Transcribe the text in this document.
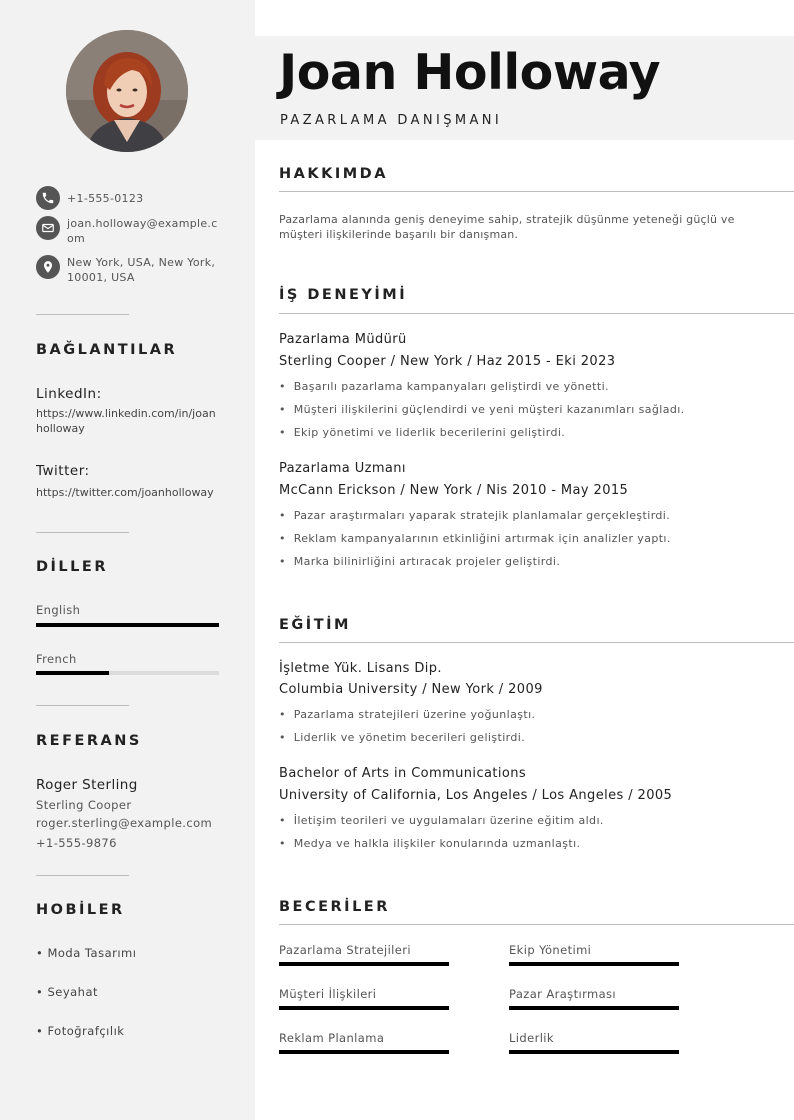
+1-555-0123
joan.holloway@example.com
New York, USA, New York, 10001, USA
BAĞLANTILAR
LinkedIn:
https://www.linkedin.com/in/joanholloway
Twitter:
https://twitter.com/joanholloway
DİLLER
English
French
REFERANS
Roger Sterling
Sterling Cooper
roger.sterling@example.com
+1-555-9876
HOBİLER
• Moda Tasarımı
• Seyahat
• Fotoğrafçılık
Joan Holloway
PAZARLAMA DANIŞMANI
HAKKIMDA
Pazarlama alanında geniş deneyime sahip, stratejik düşünme yeteneği güçlü ve müşteri ilişkilerinde başarılı bir danışman.
İŞ DENEYİMİ
Pazarlama Müdürü
Sterling Cooper / New York / Haz 2015 - Eki 2023
•  Başarılı pazarlama kampanyaları geliştirdi ve yönetti.
•  Müşteri ilişkilerini güçlendirdi ve yeni müşteri kazanımları sağladı.
•  Ekip yönetimi ve liderlik becerilerini geliştirdi.
Pazarlama Uzmanı
McCann Erickson / New York / Nis 2010 - May 2015
•  Pazar araştırmaları yaparak stratejik planlamalar gerçekleştirdi.
•  Reklam kampanyalarının etkinliğini artırmak için analizler yaptı.
•  Marka bilinirliğini artıracak projeler geliştirdi.
EĞİTİM
İşletme Yük. Lisans Dip.
Columbia University / New York / 2009
•  Pazarlama stratejileri üzerine yoğunlaştı.
•  Liderlik ve yönetim becerileri geliştirdi.
Bachelor of Arts in Communications
University of California, Los Angeles / Los Angeles / 2005
•  İletişim teorileri ve uygulamaları üzerine eğitim aldı.
•  Medya ve halkla ilişkiler konularında uzmanlaştı.
BECERİLER
Pazarlama Stratejileri	Ekip Yönetimi
Müşteri İlişkileri	Pazar Araştırması
Reklam Planlama	Liderlik
